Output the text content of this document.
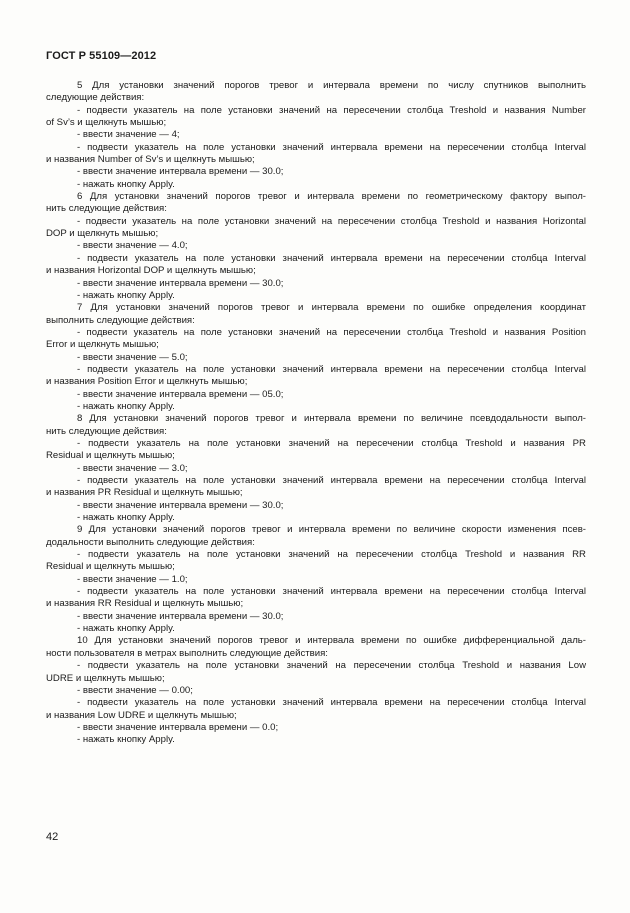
ГОСТ Р 55109—2012
5 Для установки значений порогов тревог и интервала времени по числу спутников выполнить
следующие действия:
- подвести указатель на поле установки значений на пересечении столбца Treshold и названия Number
of Sv’s и щелкнуть мышью;
- ввести значение — 4;
- подвести указатель на поле установки значений интервала времени на пересечении столбца Interval
и названия Number of Sv’s и щелкнуть мышью;
- ввести значение интервала времени — 30.0;
- нажать кнопку Apply.
6 Для установки значений порогов тревог и интервала времени по геометрическому фактору выпол-
нить следующие действия:
- подвести указатель на поле установки значений на пересечении столбца Treshold и названия Horizontal
DOP и щелкнуть мышью;
- ввести значение — 4.0;
- подвести указатель на поле установки значений интервала времени на пересечении столбца Interval
и названия Horizontal DOP и щелкнуть мышью;
- ввести значение интервала времени — 30.0;
- нажать кнопку Apply.
7 Для установки значений порогов тревог и интервала времени по ошибке определения координат
выполнить следующие действия:
- подвести указатель на поле установки значений на пересечении столбца Treshold и названия Position
Error и щелкнуть мышью;
- ввести значение — 5.0;
- подвести указатель на поле установки значений интервала времени на пересечении столбца Interval
и названия Position Error и щелкнуть мышью;
- ввести значение интервала времени — 05.0;
- нажать кнопку Apply.
8 Для установки значений порогов тревог и интервала времени по величине псевдодальности выпол-
нить следующие действия:
- подвести указатель на поле установки значений на пересечении столбца Treshold и названия PR
Residual и щелкнуть мышью;
- ввести значение — 3.0;
- подвести указатель на поле установки значений интервала времени на пересечении столбца Interval
и названия PR Residual и щелкнуть мышью;
- ввести значение интервала времени — 30.0;
- нажать кнопку Apply.
9 Для установки значений порогов тревог и интервала времени по величине скорости изменения псев-
додальности выполнить следующие действия:
- подвести указатель на поле установки значений на пересечении столбца Treshold и названия RR
Residual и щелкнуть мышью;
- ввести значение — 1.0;
- подвести указатель на поле установки значений интервала времени на пересечении столбца Interval
и названия RR Residual и щелкнуть мышью;
- ввести значение интервала времени — 30.0;
- нажать кнопку Apply.
10 Для установки значений порогов тревог и интервала времени по ошибке дифференциальной даль-
ности пользователя в метрах выполнить следующие действия:
- подвести указатель на поле установки значений на пересечении столбца Treshold и названия Low
UDRE и щелкнуть мышью;
- ввести значение — 0.00;
- подвести указатель на поле установки значений интервала времени на пересечении столбца Interval
и названия Low UDRE и щелкнуть мышью;
- ввести значение интервала времени — 0.0;
- нажать кнопку Apply.
42
